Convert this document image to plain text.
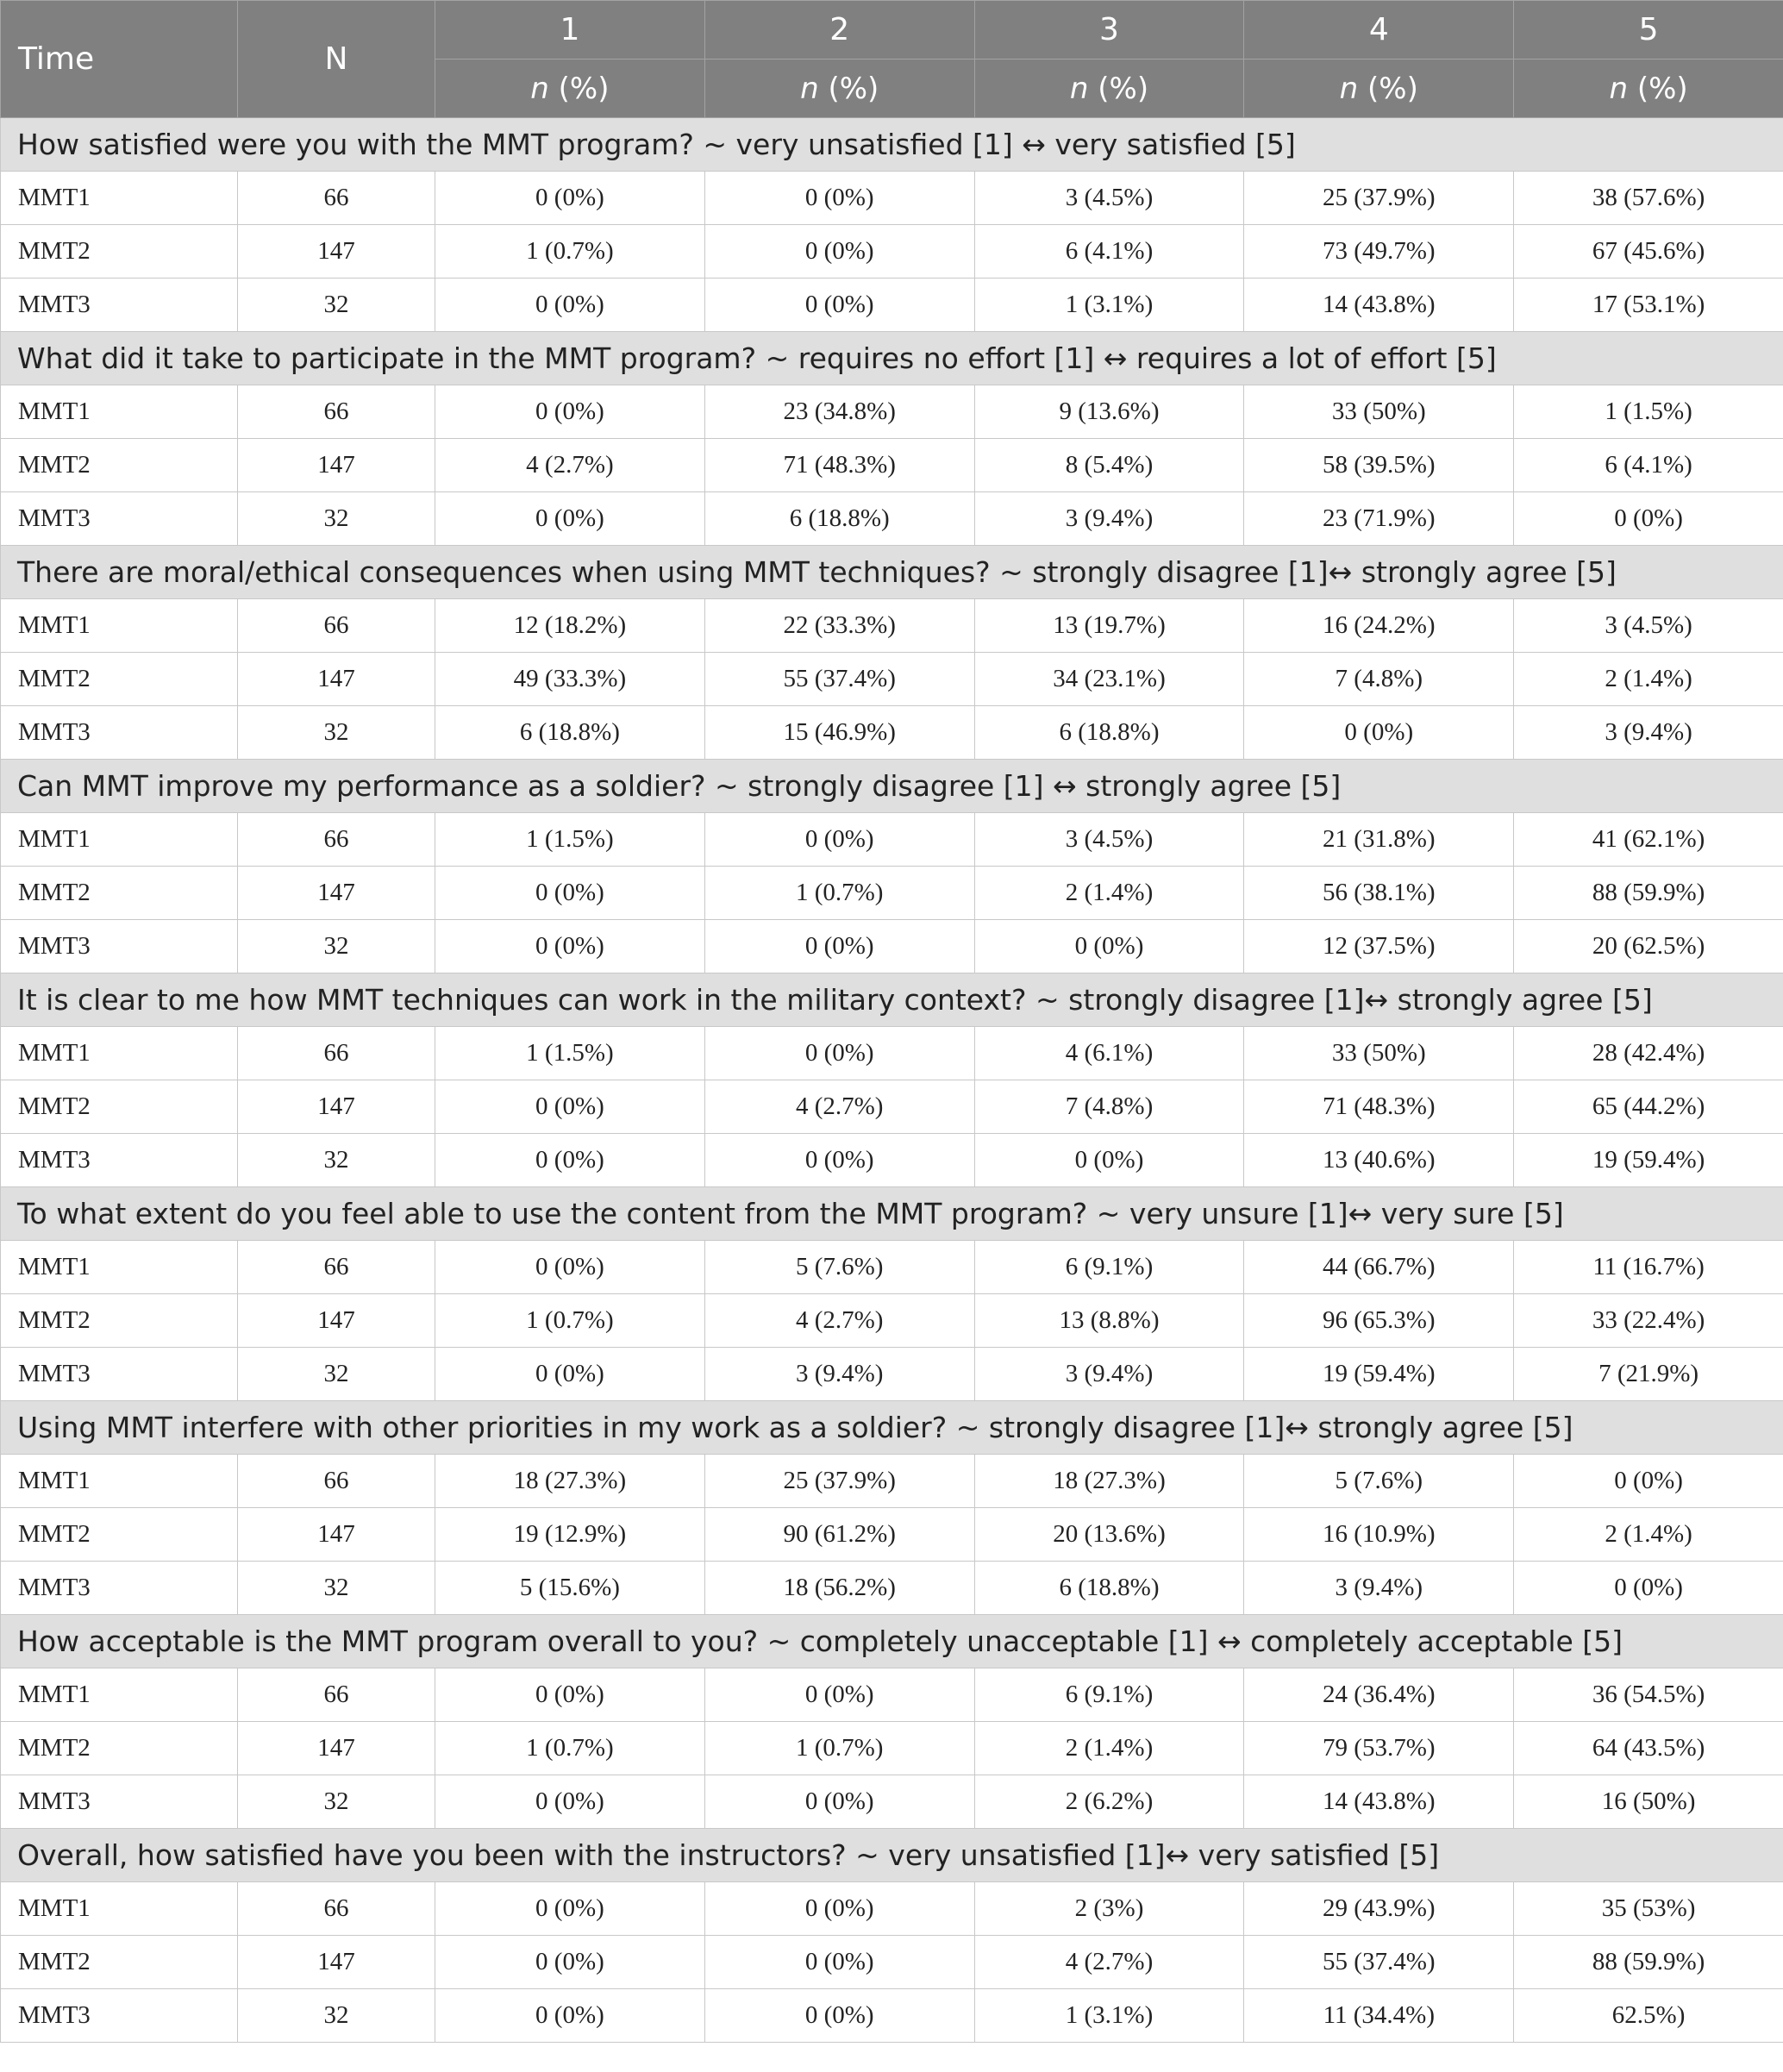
Time	N	1	2	3	4	5
		n (%)	n (%)	n (%)	n (%)	n (%)
How satisfied were you with the MMT program? ~ very unsatisfied [1] ↔ very satisfied [5]						
MMT1	66	0 (0%)	0 (0%)	3 (4.5%)	25 (37.9%)	38 (57.6%)
MMT2	147	1 (0.7%)	0 (0%)	6 (4.1%)	73 (49.7%)	67 (45.6%)
MMT3	32	0 (0%)	0 (0%)	1 (3.1%)	14 (43.8%)	17 (53.1%)
What did it take to participate in the MMT program? ~ requires no effort [1] ↔ requires a lot of effort [5]						
MMT1	66	0 (0%)	23 (34.8%)	9 (13.6%)	33 (50%)	1 (1.5%)
MMT2	147	4 (2.7%)	71 (48.3%)	8 (5.4%)	58 (39.5%)	6 (4.1%)
MMT3	32	0 (0%)	6 (18.8%)	3 (9.4%)	23 (71.9%)	0 (0%)
There are moral/ethical consequences when using MMT techniques? ~ strongly disagree [1]↔ strongly agree [5]						
MMT1	66	12 (18.2%)	22 (33.3%)	13 (19.7%)	16 (24.2%)	3 (4.5%)
MMT2	147	49 (33.3%)	55 (37.4%)	34 (23.1%)	7 (4.8%)	2 (1.4%)
MMT3	32	6 (18.8%)	15 (46.9%)	6 (18.8%)	0 (0%)	3 (9.4%)
Can MMT improve my performance as a soldier? ~ strongly disagree [1] ↔ strongly agree [5]						
MMT1	66	1 (1.5%)	0 (0%)	3 (4.5%)	21 (31.8%)	41 (62.1%)
MMT2	147	0 (0%)	1 (0.7%)	2 (1.4%)	56 (38.1%)	88 (59.9%)
MMT3	32	0 (0%)	0 (0%)	0 (0%)	12 (37.5%)	20 (62.5%)
It is clear to me how MMT techniques can work in the military context? ~ strongly disagree [1]↔ strongly agree [5]						
MMT1	66	1 (1.5%)	0 (0%)	4 (6.1%)	33 (50%)	28 (42.4%)
MMT2	147	0 (0%)	4 (2.7%)	7 (4.8%)	71 (48.3%)	65 (44.2%)
MMT3	32	0 (0%)	0 (0%)	0 (0%)	13 (40.6%)	19 (59.4%)
To what extent do you feel able to use the content from the MMT program? ~ very unsure [1]↔ very sure [5]						
MMT1	66	0 (0%)	5 (7.6%)	6 (9.1%)	44 (66.7%)	11 (16.7%)
MMT2	147	1 (0.7%)	4 (2.7%)	13 (8.8%)	96 (65.3%)	33 (22.4%)
MMT3	32	0 (0%)	3 (9.4%)	3 (9.4%)	19 (59.4%)	7 (21.9%)
Using MMT interfere with other priorities in my work as a soldier? ~ strongly disagree [1]↔ strongly agree [5]						
MMT1	66	18 (27.3%)	25 (37.9%)	18 (27.3%)	5 (7.6%)	0 (0%)
MMT2	147	19 (12.9%)	90 (61.2%)	20 (13.6%)	16 (10.9%)	2 (1.4%)
MMT3	32	5 (15.6%)	18 (56.2%)	6 (18.8%)	3 (9.4%)	0 (0%)
How acceptable is the MMT program overall to you? ~ completely unacceptable [1] ↔ completely acceptable [5]						
MMT1	66	0 (0%)	0 (0%)	6 (9.1%)	24 (36.4%)	36 (54.5%)
MMT2	147	1 (0.7%)	1 (0.7%)	2 (1.4%)	79 (53.7%)	64 (43.5%)
MMT3	32	0 (0%)	0 (0%)	2 (6.2%)	14 (43.8%)	16 (50%)
Overall, how satisfied have you been with the instructors? ~ very unsatisfied [1]↔ very satisfied [5]						
MMT1	66	0 (0%)	0 (0%)	2 (3%)	29 (43.9%)	35 (53%)
MMT2	147	0 (0%)	0 (0%)	4 (2.7%)	55 (37.4%)	88 (59.9%)
MMT3	32	0 (0%)	0 (0%)	1 (3.1%)	11 (34.4%)	62.5%)
